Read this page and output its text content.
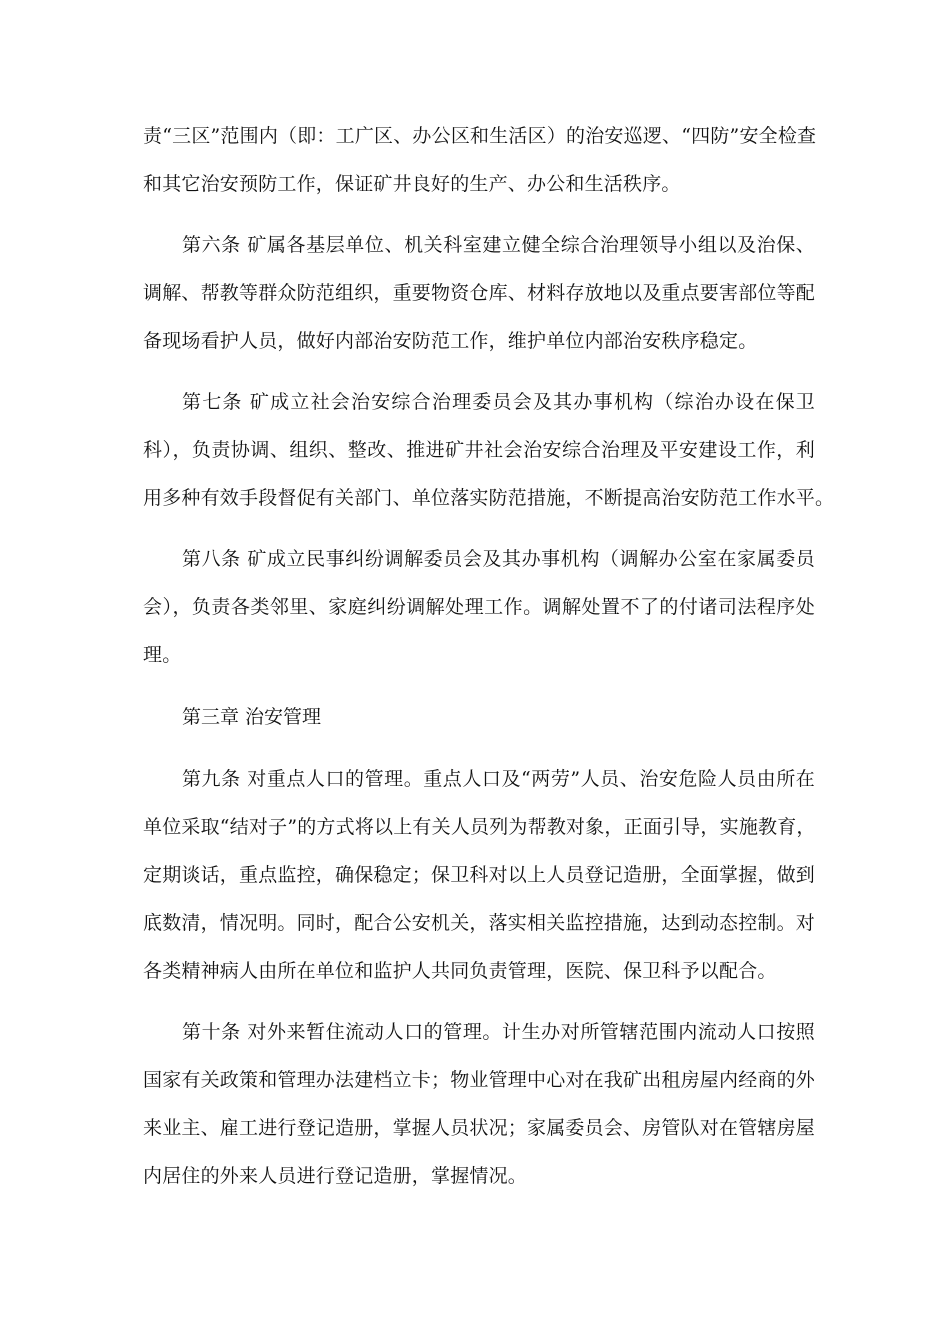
责“三区”范围内（即：工广区、办公区和生活区）的治安巡逻、“四防”安全检查
和其它治安预防工作，保证矿井良好的生产、办公和生活秩序。
第六条 矿属各基层单位、机关科室建立健全综合治理领导小组以及治保、
调解、帮教等群众防范组织，重要物资仓库、材料存放地以及重点要害部位等配
备现场看护人员，做好内部治安防范工作，维护单位内部治安秩序稳定。
第七条 矿成立社会治安综合治理委员会及其办事机构（综治办设在保卫
科），负责协调、组织、整改、推进矿井社会治安综合治理及平安建设工作，利
用多种有效手段督促有关部门、单位落实防范措施，不断提高治安防范工作水平。
第八条 矿成立民事纠纷调解委员会及其办事机构（调解办公室在家属委员
会），负责各类邻里、家庭纠纷调解处理工作。调解处置不了的付诸司法程序处
理。
第三章 治安管理
第九条 对重点人口的管理。重点人口及“两劳”人员、治安危险人员由所在
单位采取“结对子”的方式将以上有关人员列为帮教对象，正面引导，实施教育，
定期谈话，重点监控，确保稳定；保卫科对以上人员登记造册，全面掌握，做到
底数清，情况明。同时，配合公安机关，落实相关监控措施，达到动态控制。对
各类精神病人由所在单位和监护人共同负责管理，医院、保卫科予以配合。
第十条 对外来暂住流动人口的管理。计生办对所管辖范围内流动人口按照
国家有关政策和管理办法建档立卡；物业管理中心对在我矿出租房屋内经商的外
来业主、雇工进行登记造册，掌握人员状况；家属委员会、房管队对在管辖房屋
内居住的外来人员进行登记造册，掌握情况。
